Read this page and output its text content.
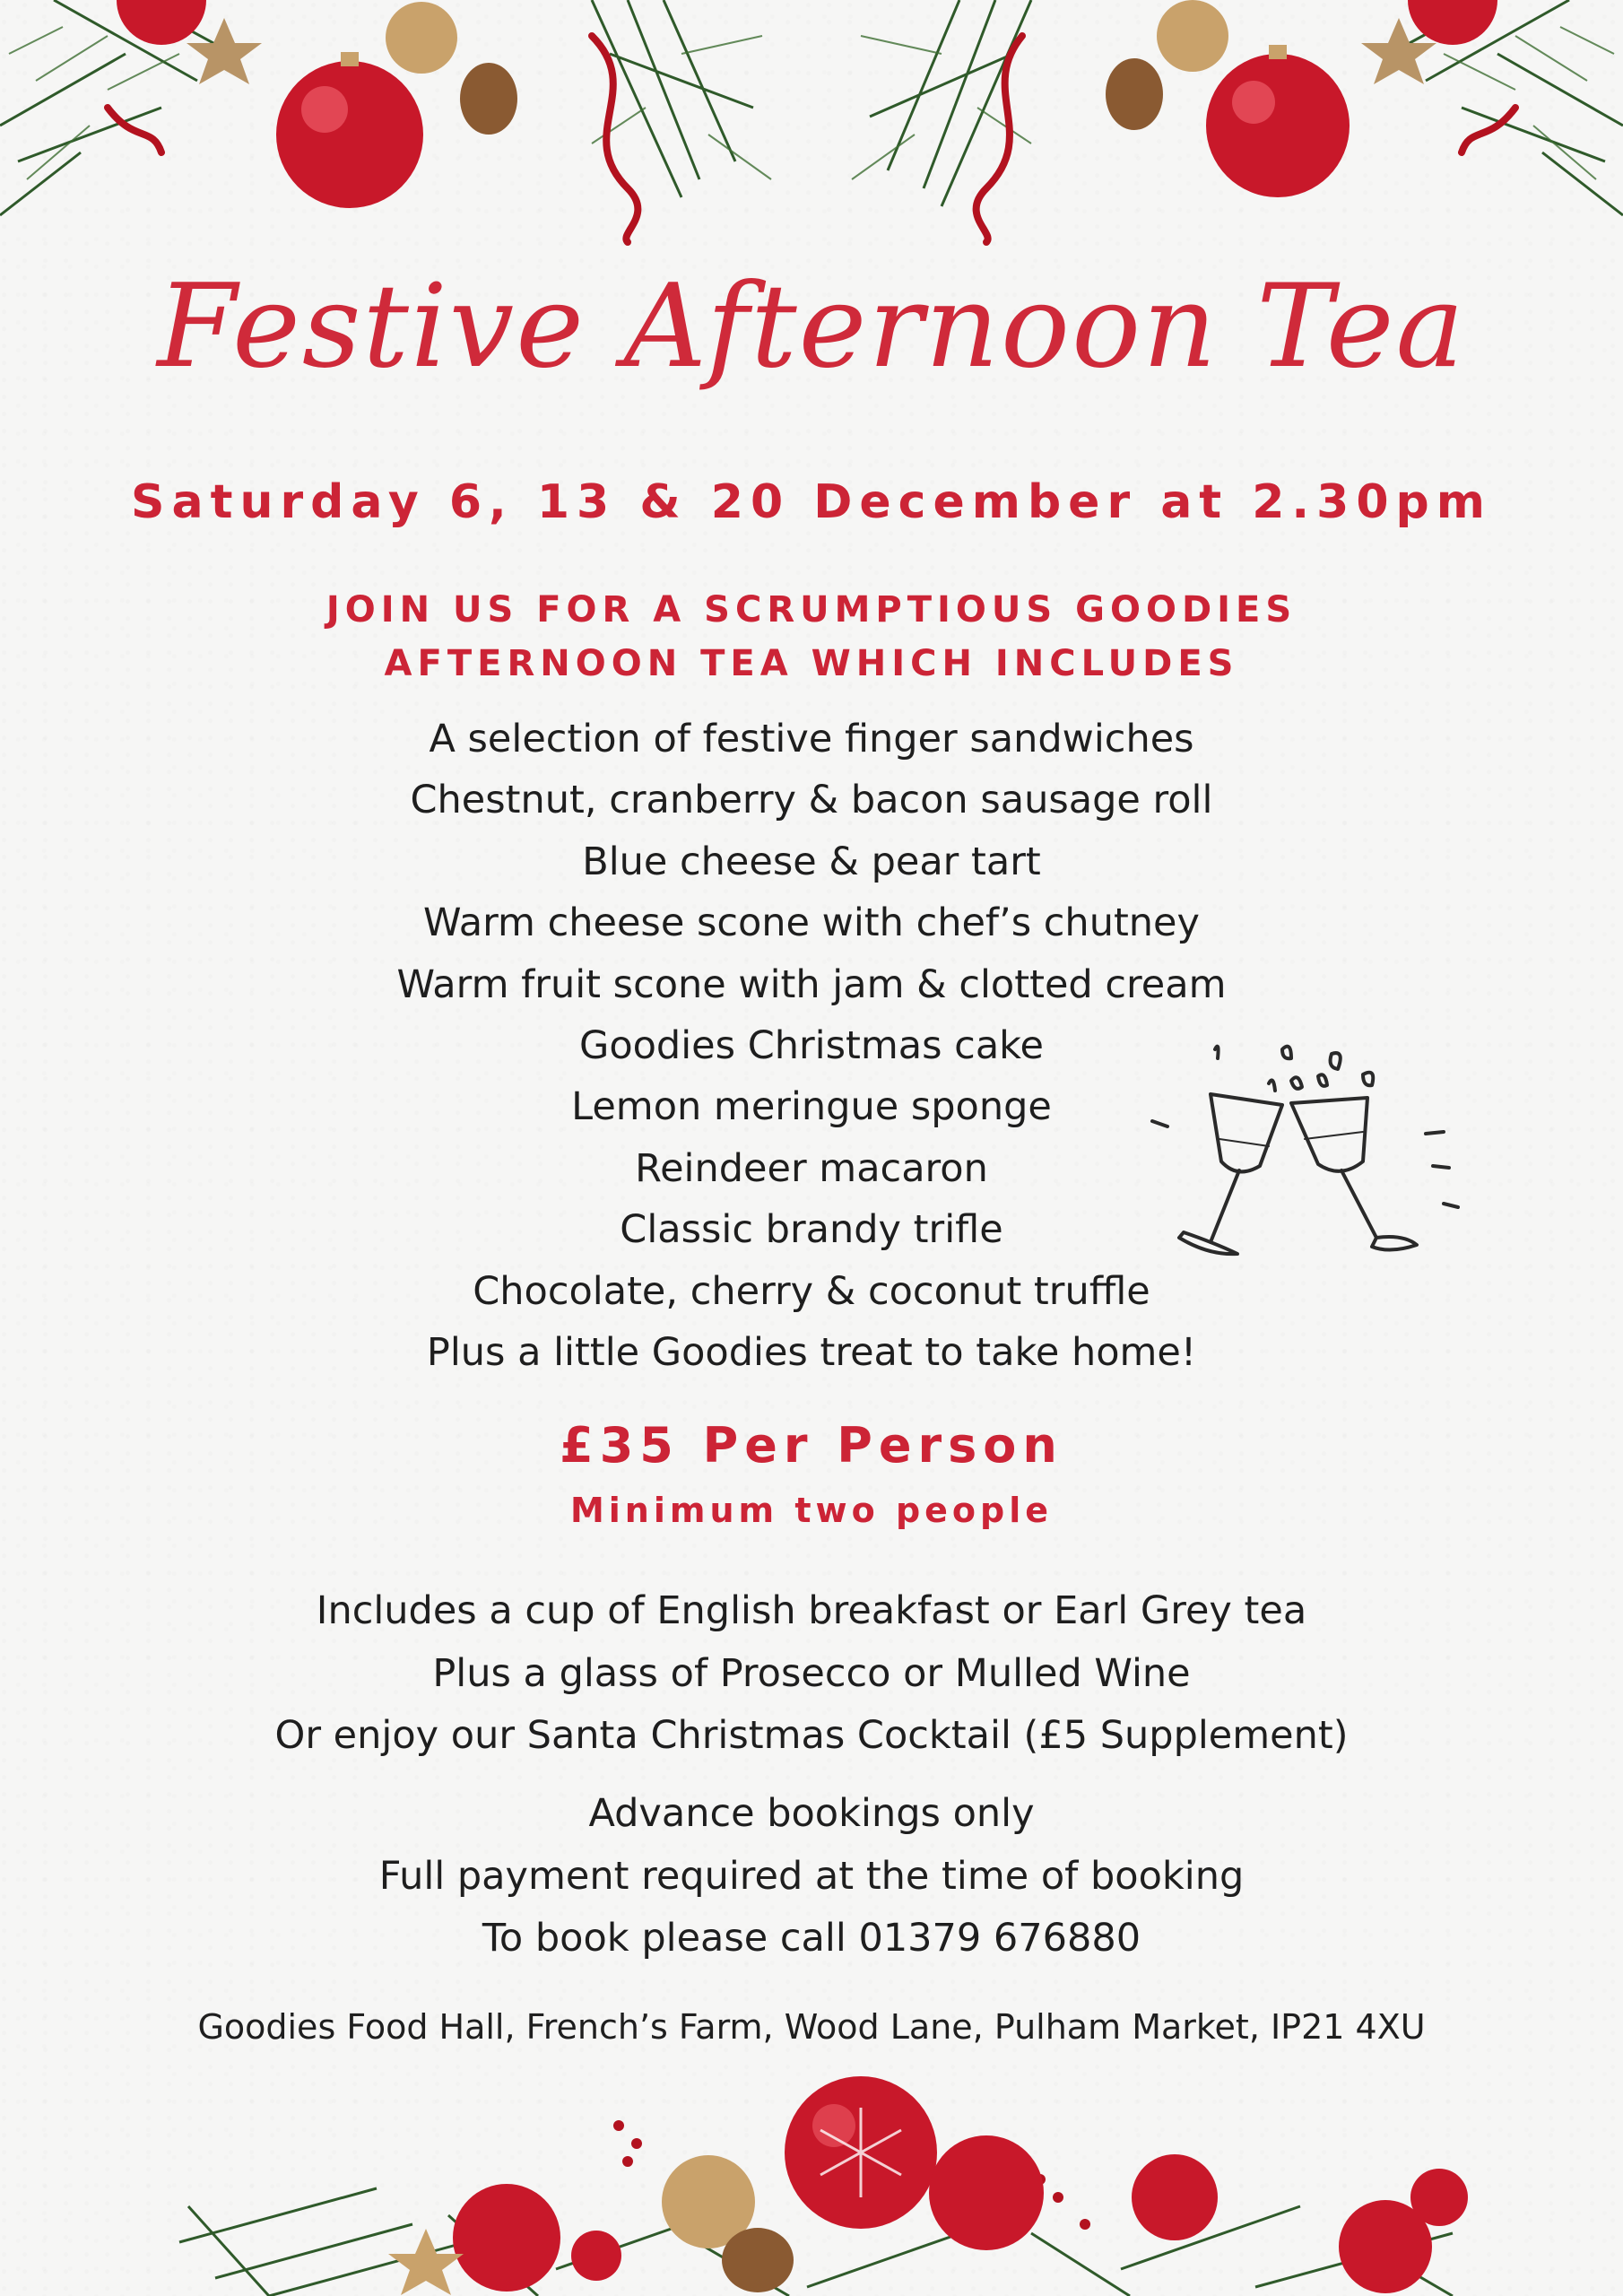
Festive Afternoon Tea
Saturday 6, 13 & 20 December at 2.30pm
JOIN US FOR A SCRUMPTIOUS GOODIES
AFTERNOON TEA WHICH INCLUDES
A selection of festive finger sandwiches
Chestnut, cranberry & bacon sausage roll
Blue cheese & pear tart
Warm cheese scone with chef’s chutney
Warm fruit scone with jam & clotted cream
Goodies Christmas cake
Lemon meringue sponge
Reindeer macaron
Classic brandy trifle
Chocolate, cherry & coconut truffle
Plus a little Goodies treat to take home!
£35 Per Person
Minimum two people
Includes a cup of English breakfast or Earl Grey tea
Plus a glass of Prosecco or Mulled Wine
Or enjoy our Santa Christmas Cocktail (£5 Supplement)
Advance bookings only
Full payment required at the time of booking
To book please call 01379 676880
Goodies Food Hall, French’s Farm, Wood Lane, Pulham Market, IP21 4XU
